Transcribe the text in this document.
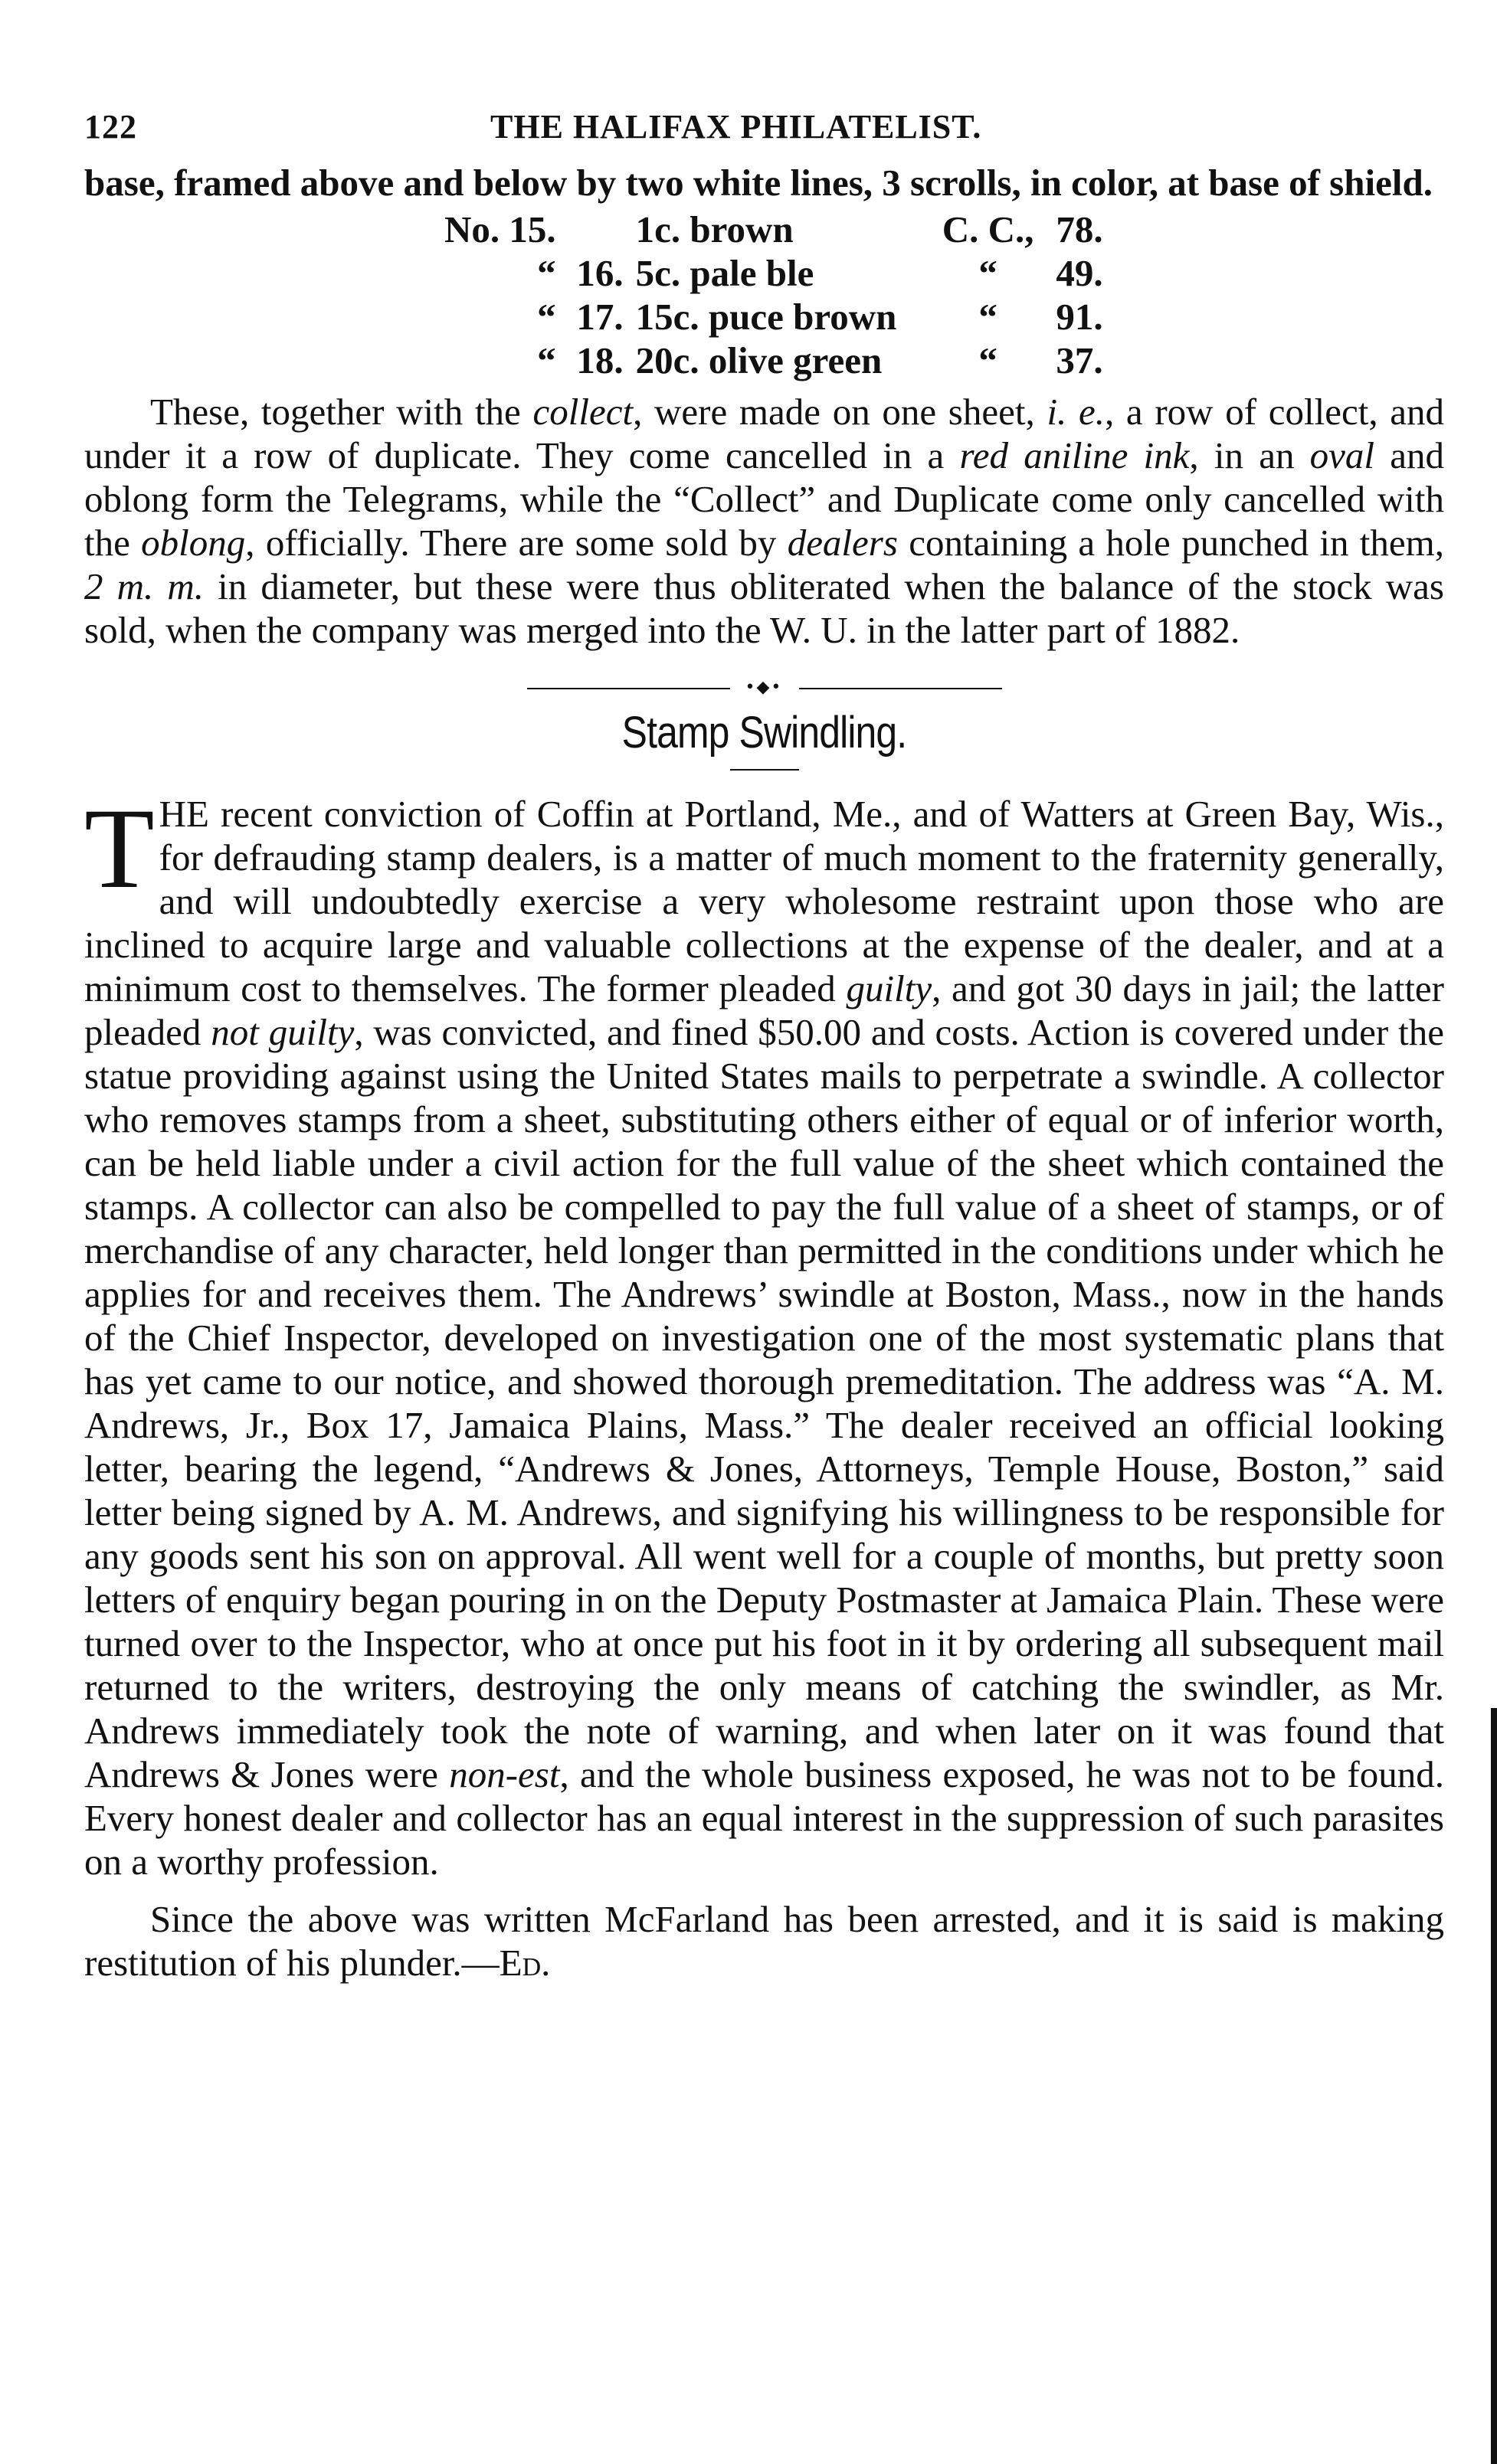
122	THE HALIFAX PHILATELIST.

base, framed above and below by two white lines, 3 scrolls, in color, at base of shield.

No. 15.		1c. brown	C. C.,	78.
“	16.	5c. pale ble	“	49.
“	17.	15c. puce brown	“	91.
“	18.	20c. olive green	“	37.

These, together with the collect, were made on one sheet, i. e., a row of collect, and under it a row of duplicate. They come cancelled in a red aniline ink, in an oval and oblong form the Telegrams, while the “Collect” and Duplicate come only cancelled with the oblong, officially. There are some sold by dealers containing a hole punched in them, 2 m. m. in diameter, but these were thus obliterated when the balance of the stock was sold, when the company was merged into the W. U. in the latter part of 1882.

•◆•
Stamp Swindling.

THE recent conviction of Coffin at Portland, Me., and of Watters at Green Bay, Wis., for defrauding stamp dealers, is a matter of much moment to the fraternity generally, and will undoubtedly exercise a very wholesome restraint upon those who are inclined to acquire large and valuable collections at the expense of the dealer, and at a minimum cost to themselves. The former pleaded guilty, and got 30 days in jail; the latter pleaded not guilty, was convicted, and fined $50.00 and costs. Action is covered under the statue providing against using the United States mails to perpetrate a swindle. A collector who removes stamps from a sheet, substituting others either of equal or of inferior worth, can be held liable under a civil action for the full value of the sheet which contained the stamps. A collector can also be compelled to pay the full value of a sheet of stamps, or of merchandise of any character, held longer than permitted in the conditions under which he applies for and receives them. The Andrews’ swindle at Boston, Mass., now in the hands of the Chief Inspector, developed on investigation one of the most systematic plans that has yet came to our notice, and showed thorough premeditation. The address was “A. M. Andrews, Jr., Box 17, Jamaica Plains, Mass.” The dealer received an official looking letter, bearing the legend, “Andrews & Jones, Attorneys, Temple House, Boston,” said letter being signed by A. M. Andrews, and signifying his willingness to be responsible for any goods sent his son on approval. All went well for a couple of months, but pretty soon letters of enquiry began pouring in on the Deputy Postmaster at Jamaica Plain. These were turned over to the Inspector, who at once put his foot in it by ordering all subsequent mail returned to the writers, destroying the only means of catching the swindler, as Mr. Andrews immediately took the note of warning, and when later on it was found that Andrews & Jones were non-est, and the whole business exposed, he was not to be found. Every honest dealer and collector has an equal interest in the suppression of such parasites on a worthy profession.

Since the above was written McFarland has been arrested, and it is said is making restitution of his plunder.—Ed.
